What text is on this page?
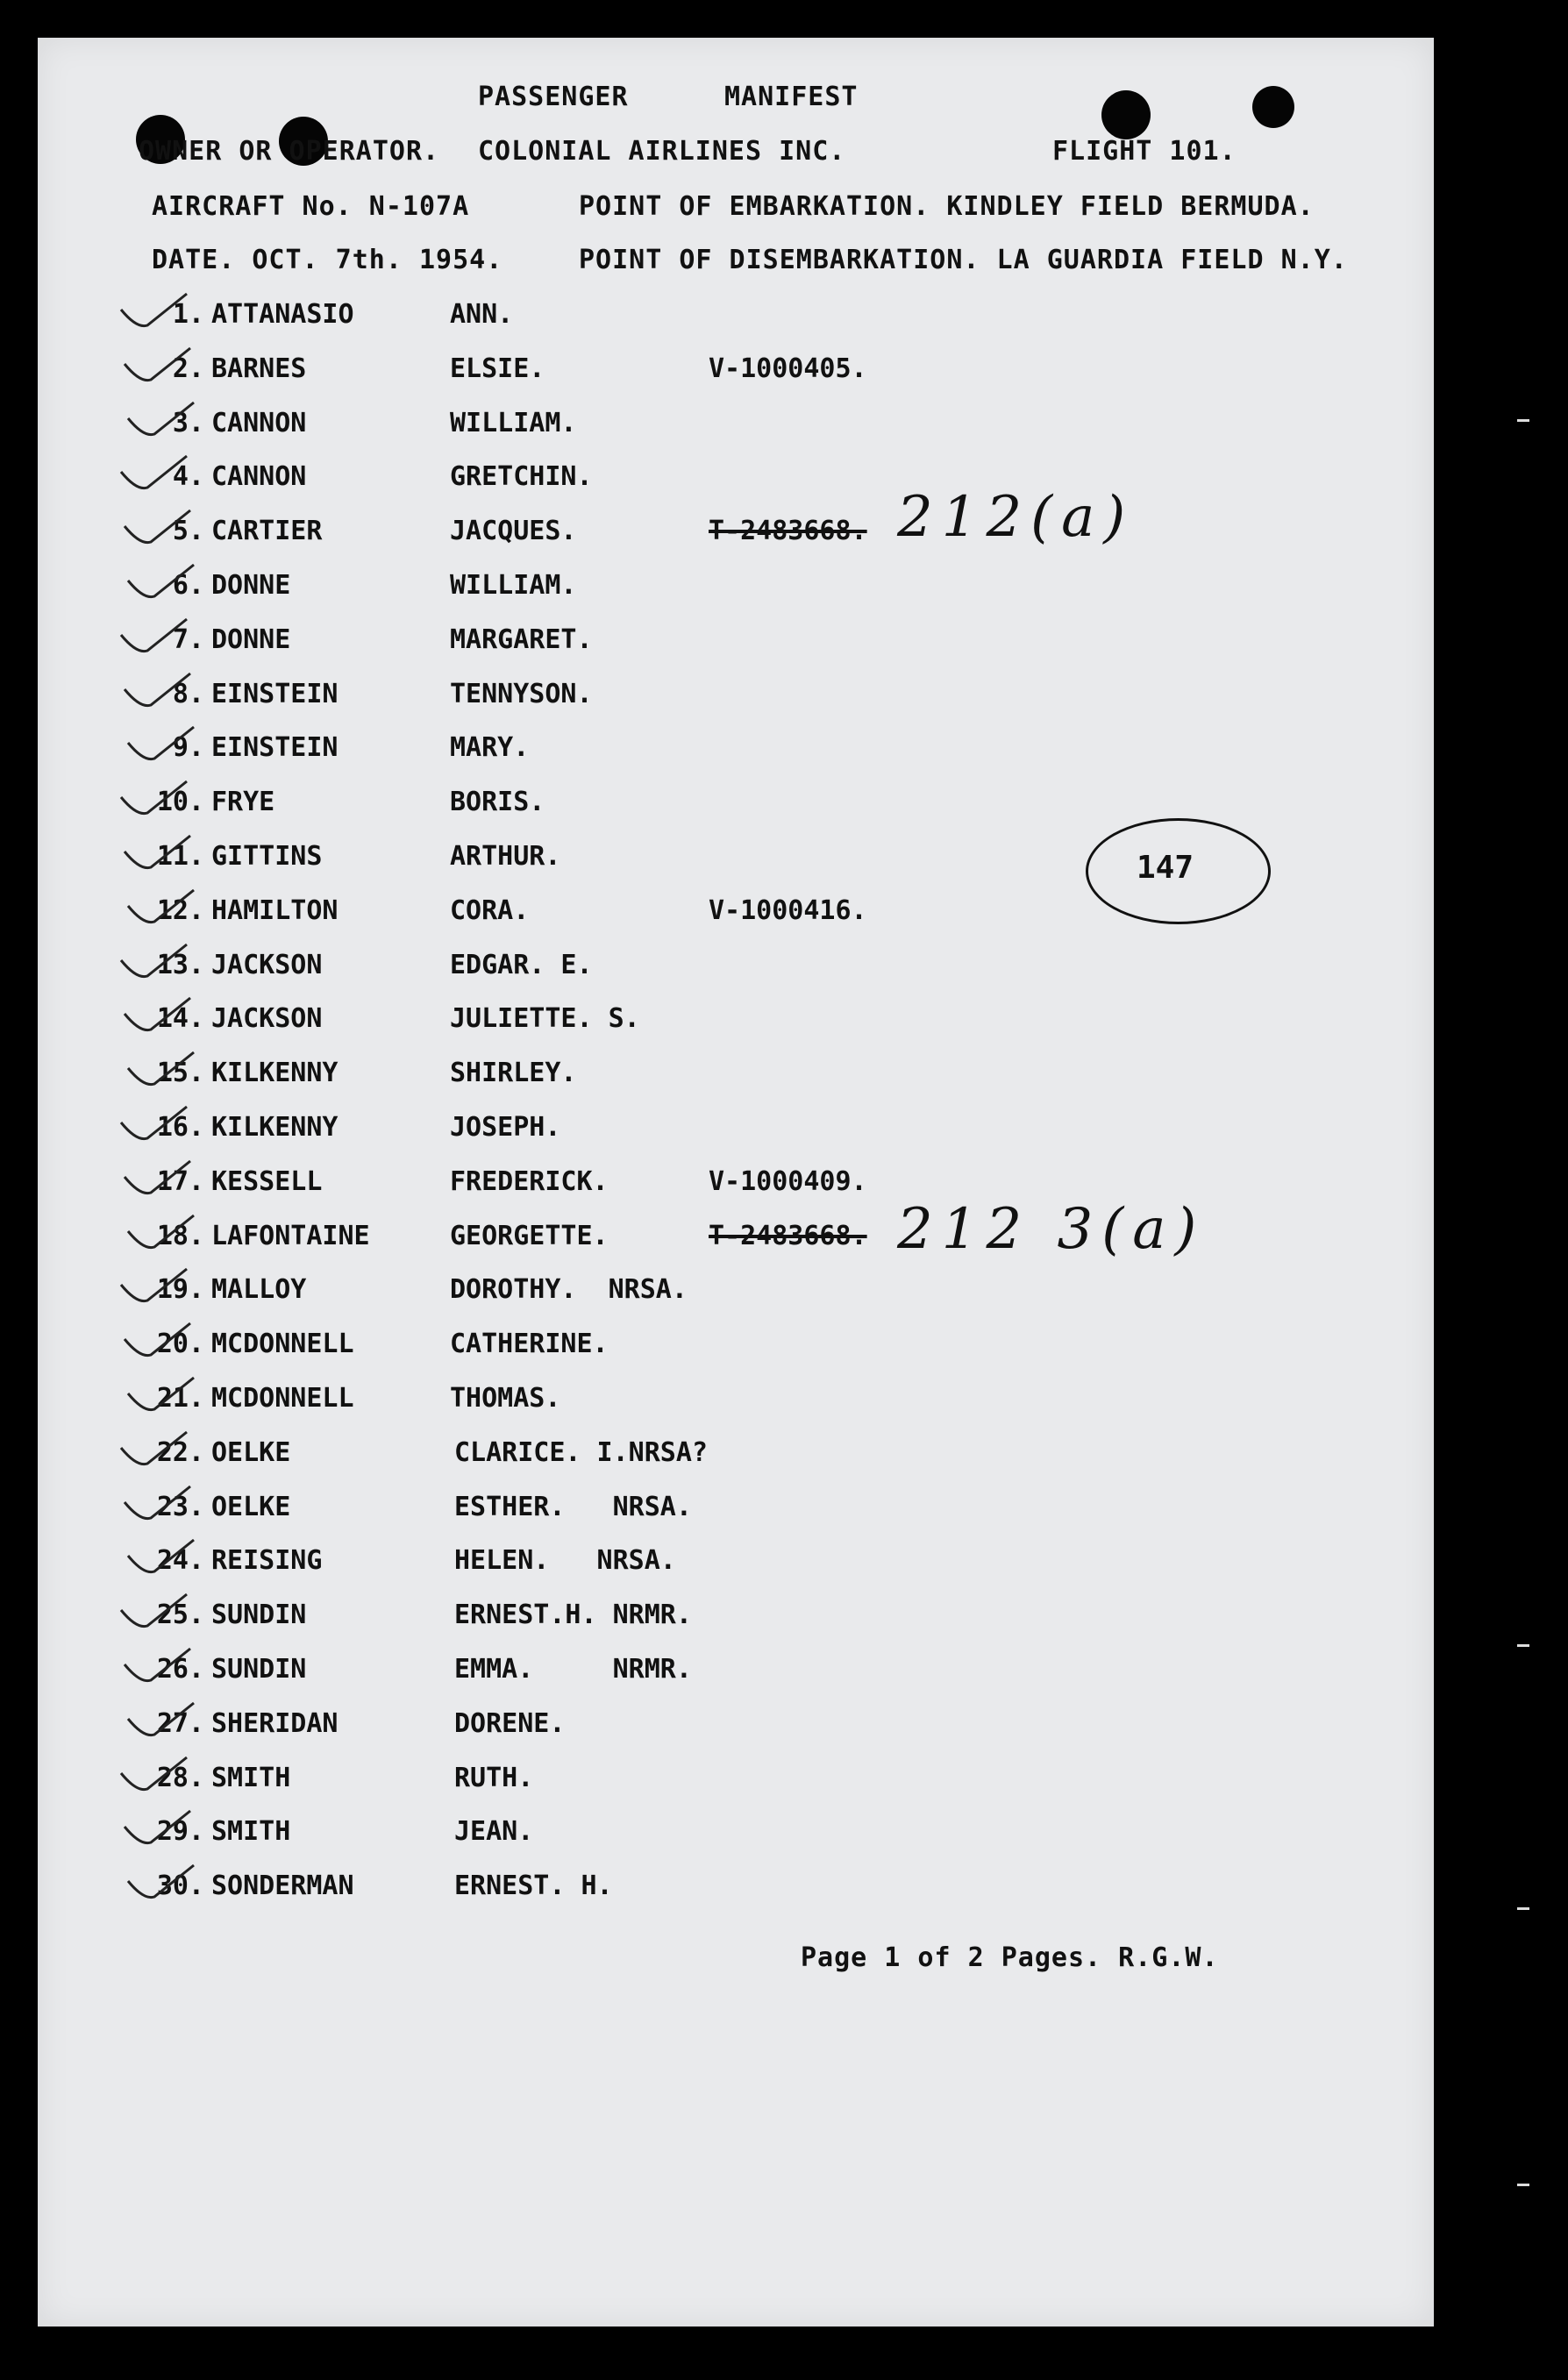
PASSENGER	MANIFEST
OWNER OR OPERATOR. COLONIAL AIRLINES INC.	FLIGHT 101.
AIRCRAFT No. N-107A	POINT OF EMBARKATION. KINDLEY FIELD BERMUDA.
DATE. OCT. 7th. 1954.	POINT OF DISEMBARKATION. LA GUARDIA FIELD N.Y.
1. ATTANASIO	ANN.
2. BARNES	ELSIE.	V-1000405.
3. CANNON	WILLIAM.
4. CANNON	GRETCHIN.
5. CARTIER	JACQUES.	T-2483668.
6. DONNE	WILLIAM.
7. DONNE	MARGARET.
8. EINSTEIN	TENNYSON.
9. EINSTEIN	MARY.
10. FRYE	BORIS.
11. GITTINS	ARTHUR.
12. HAMILTON	CORA.	V-1000416.
13. JACKSON	EDGAR. E.
14. JACKSON	JULIETTE. S.
15. KILKENNY	SHIRLEY.
16. KILKENNY	JOSEPH.
17. KESSELL	FREDERICK.	V-1000409.
18. LAFONTAINE	GEORGETTE.	T-2483668.
19. MALLOY	DOROTHY.  NRSA.
20. MCDONNELL	CATHERINE.
21. MCDONNELL	THOMAS.
22. OELKE	CLARICE. I.NRSA?
23. OELKE	ESTHER.   NRSA.
24. REISING	HELEN.   NRSA.
25. SUNDIN	ERNEST.H. NRMR.
26. SUNDIN	EMMA.     NRMR.
27. SHERIDAN	DORENE.
28. SMITH	RUTH.
29. SMITH	JEAN.
30. SONDERMAN	ERNEST. H.
212(a)
212 3(a)
147
Page 1 of 2 Pages. R.G.W.
